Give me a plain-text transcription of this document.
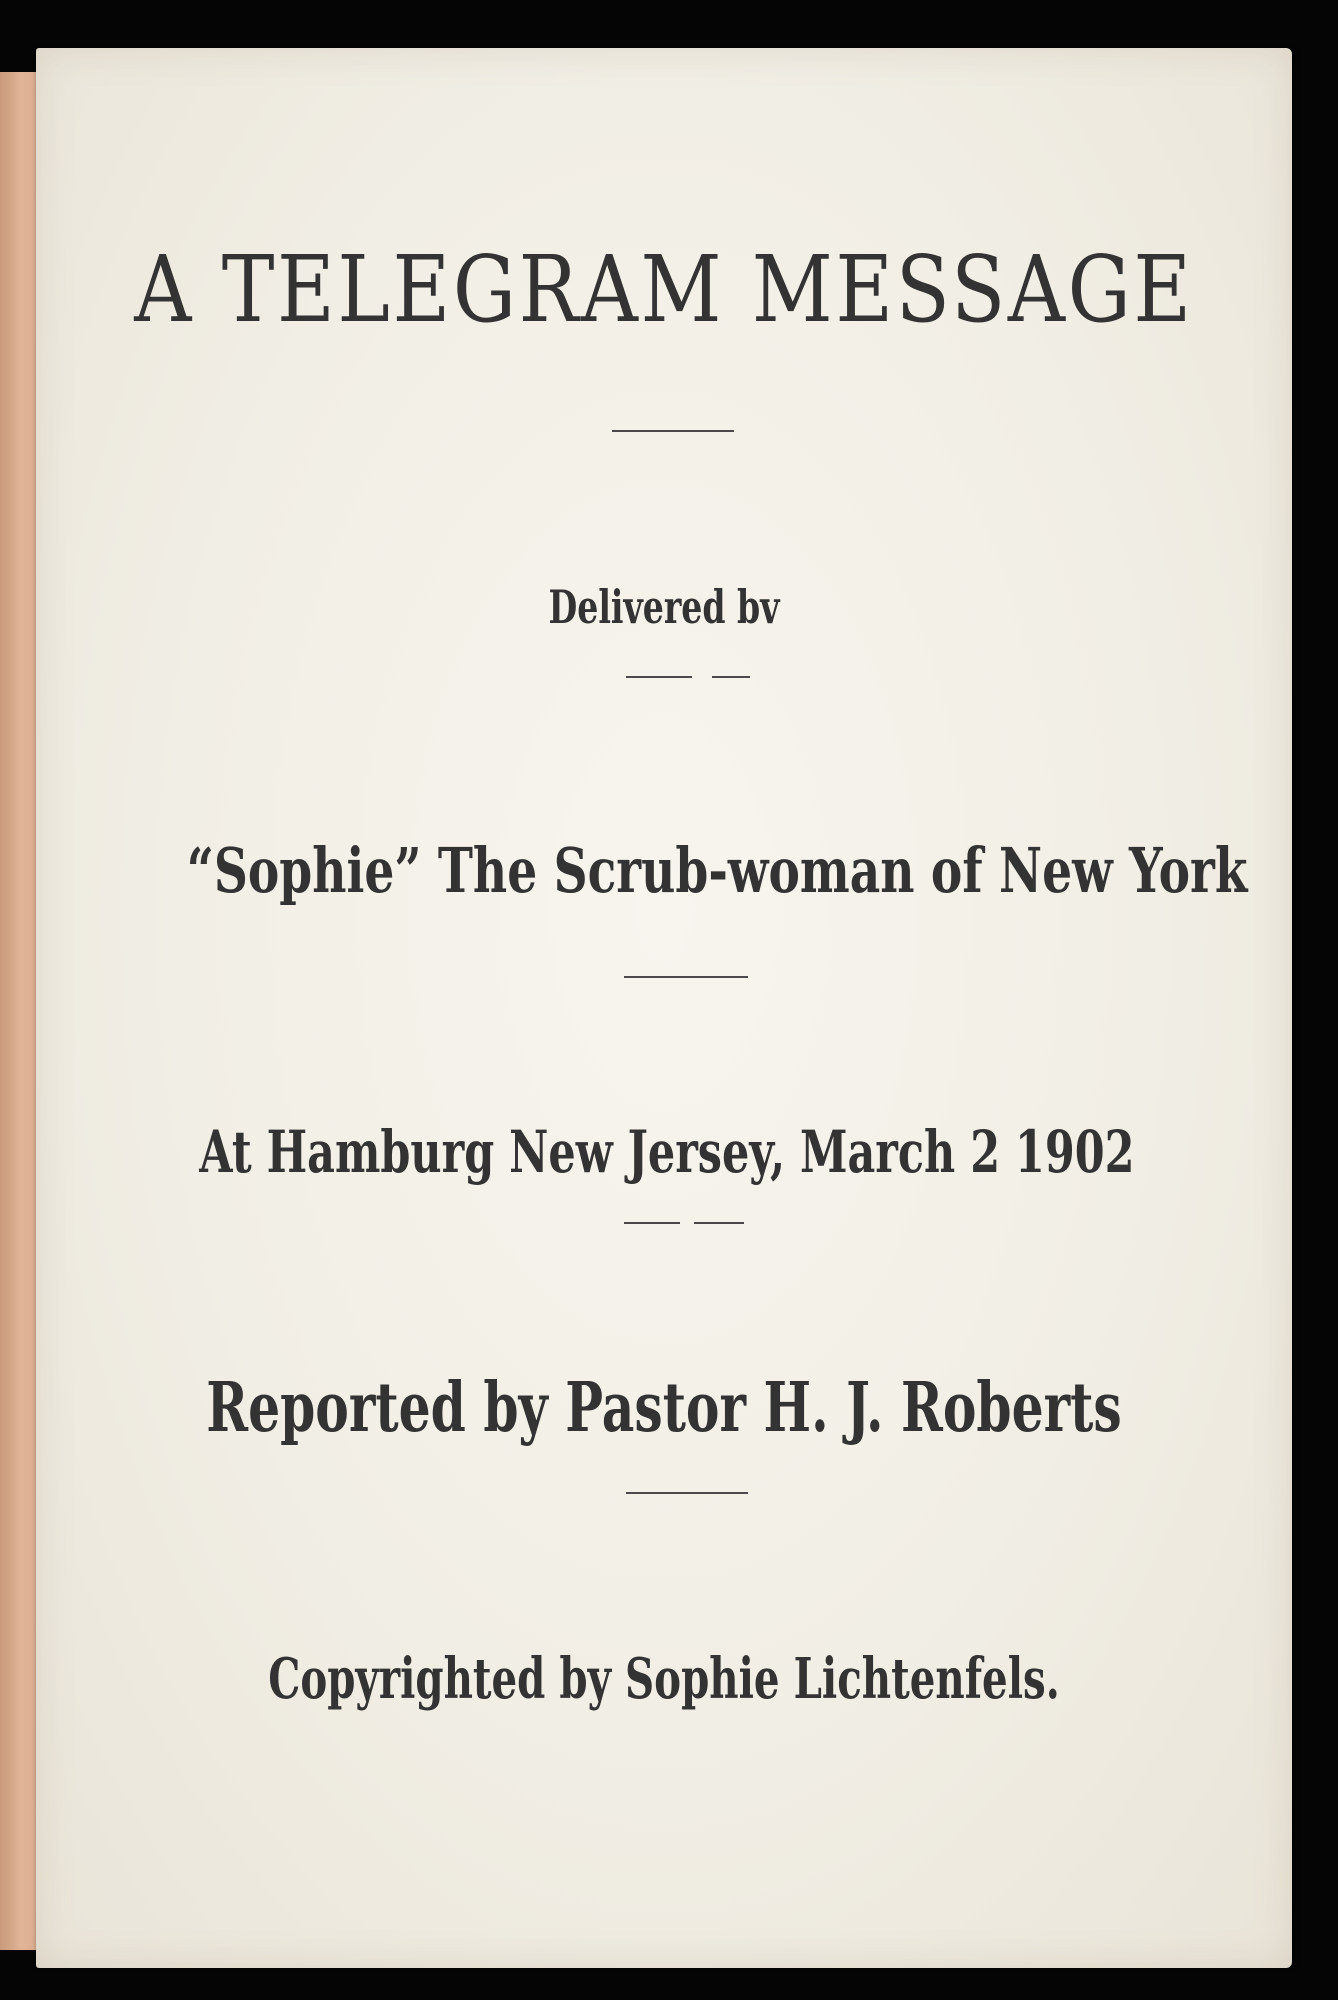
A TELEGRAM MESSAGE
Delivered bv
“Sophie” The Scrub-woman of New York
At Hamburg New Jersey, March 2 1902
Reported by Pastor H. J. Roberts
Copyrighted by Sophie Lichtenfels.
